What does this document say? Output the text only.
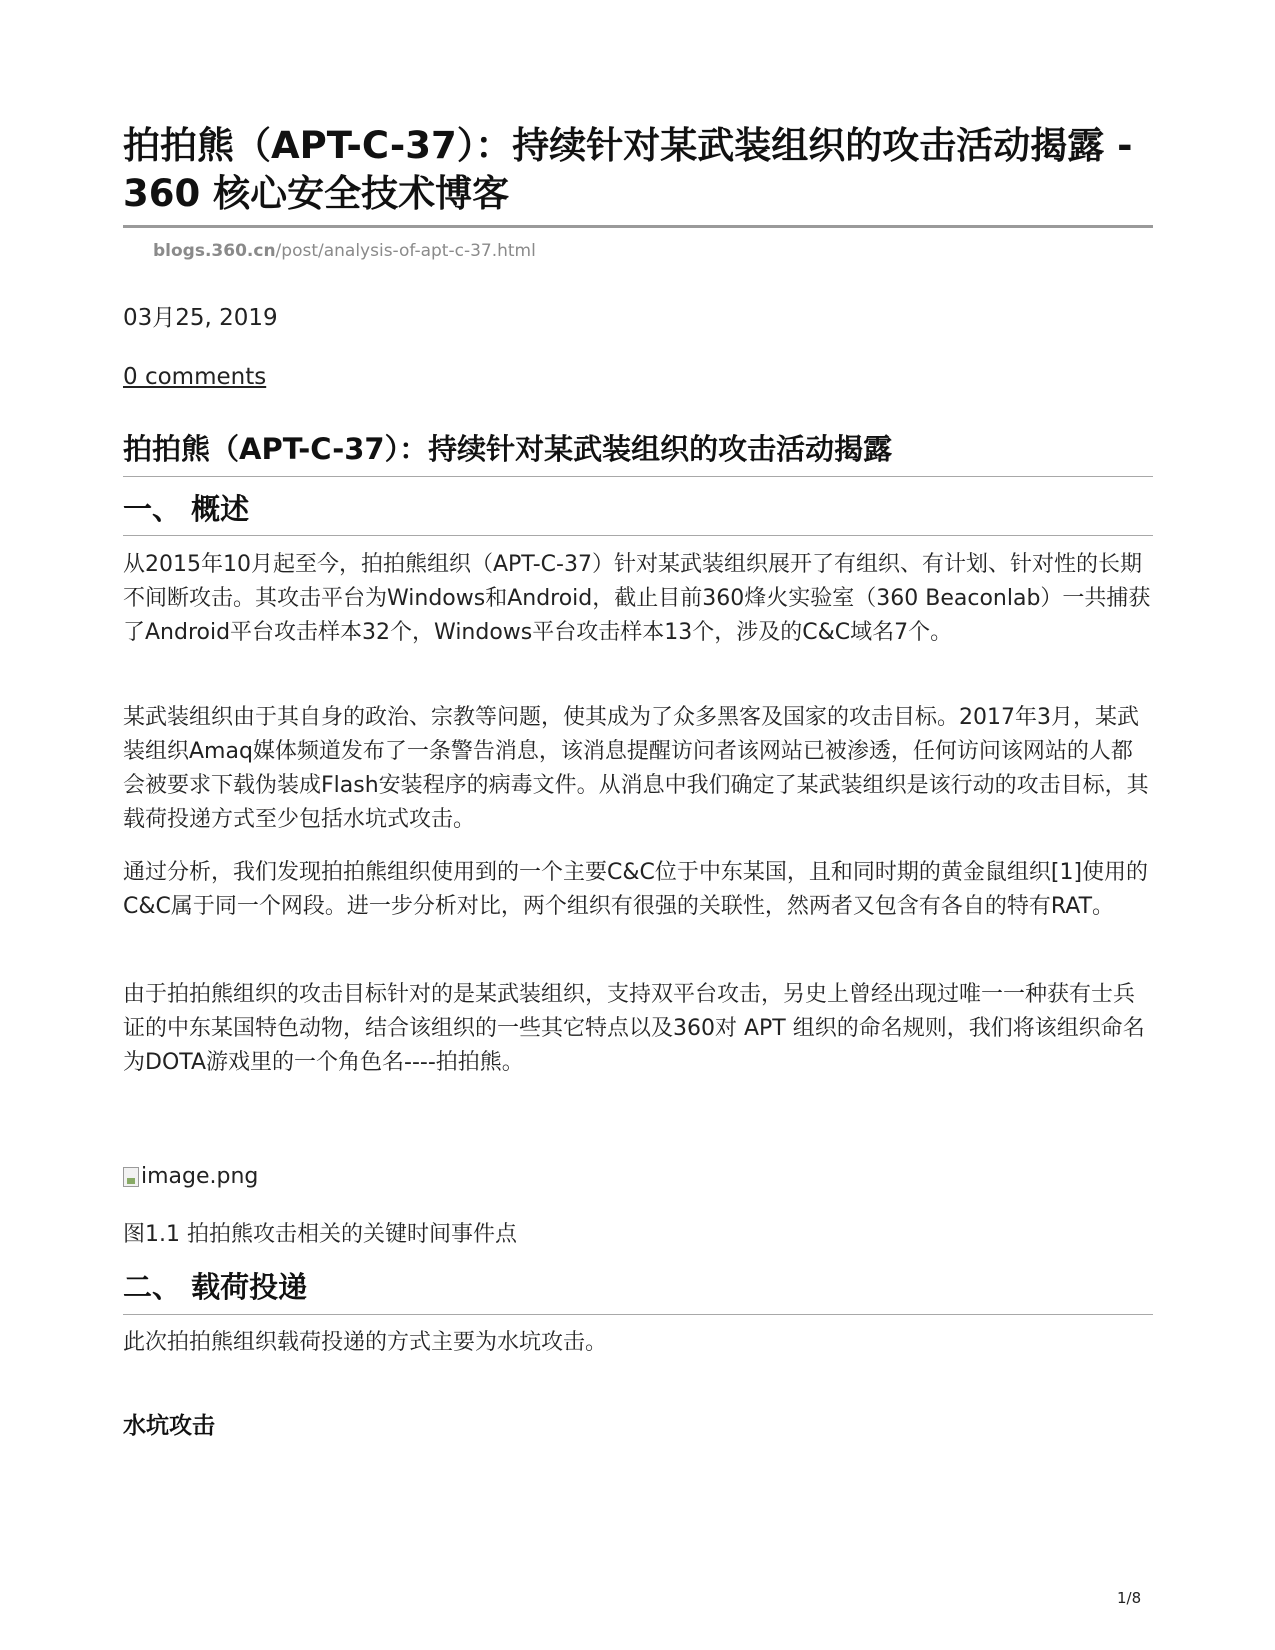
拍拍熊（APT-C-37）：持续针对某武装组织的攻击活动揭露 - 360 核心安全技术博客
blogs.360.cn/post/analysis-of-apt-c-37.html
03月25, 2019
0 comments
拍拍熊（APT-C-37）：持续针对某武装组织的攻击活动揭露
一、 概述

从2015年10月起至今，拍拍熊组织（APT-C-37）针对某武装组织展开了有组织、有计划、针对性的长期不间断攻击。其攻击平台为Windows和Android，截止目前360烽火实验室（360 Beaconlab）一共捕获了Android平台攻击样本32个，Windows平台攻击样本13个，涉及的C&C域名7个。

某武装组织由于其自身的政治、宗教等问题，使其成为了众多黑客及国家的攻击目标。2017年3月，某武装组织Amaq媒体频道发布了一条警告消息，该消息提醒访问者该网站已被渗透，任何访问该网站的人都会被要求下载伪装成Flash安装程序的病毒文件。从消息中我们确定了某武装组织是该行动的攻击目标，其载荷投递方式至少包括水坑式攻击。

通过分析，我们发现拍拍熊组织使用到的一个主要C&C位于中东某国，且和同时期的黄金鼠组织[1]使用的C&C属于同一个网段。进一步分析对比，两个组织有很强的关联性，然两者又包含有各自的特有RAT。

由于拍拍熊组织的攻击目标针对的是某武装组织，支持双平台攻击，另史上曾经出现过唯一一种获有士兵证的中东某国特色动物，结合该组织的一些其它特点以及360对 APT 组织的命名规则，我们将该组织命名为DOTA游戏里的一个角色名----拍拍熊。

image.png
图1.1 拍拍熊攻击相关的关键时间事件点
二、 载荷投递

此次拍拍熊组织载荷投递的方式主要为水坑攻击。

水坑攻击
1/8
